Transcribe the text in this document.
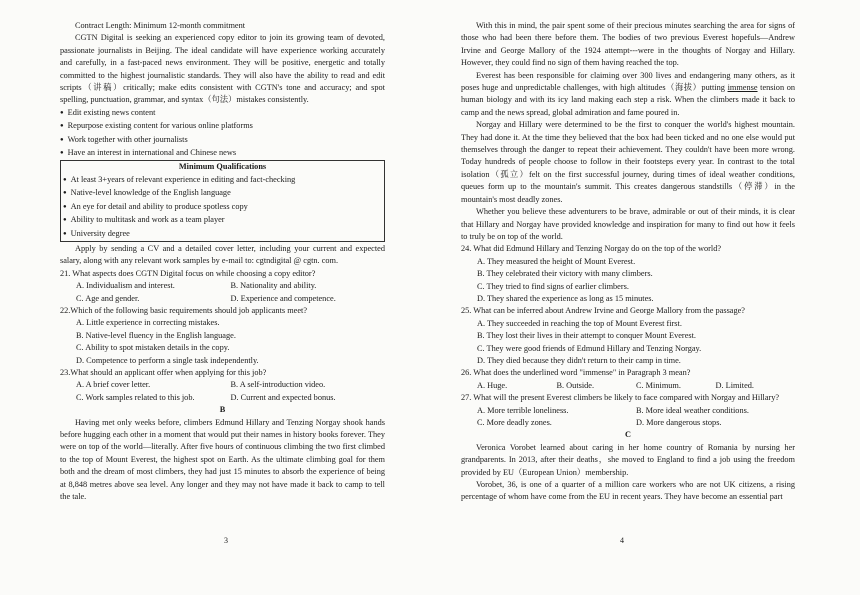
Contract Length: Minimum 12-month commitment

CGTN Digital is seeking an experienced copy editor to join its growing team of devoted, passionate journalists in Beijing. The ideal candidate will have experience working accurately and carefully, in a fast-paced news environment. They will be positive, energetic and totally committed to the highest journalistic standards. They will also have the ability to read and edit scripts（讲稿）critically; make edits consistent with CGTN's tone and accuracy; and spot spelling, punctuation, grammar, and syntax（句法）mistakes consistently.

● Edit existing news content
● Repurpose existing content for various online platforms
● Work together with other journalists
● Have an interest in international and Chinese news
Minimum Qualifications
● At least 3+years of relevant experience in editing and fact-checking
● Native-level knowledge of the English language
● An eye for detail and ability to produce spotless copy
● Ability to multitask and work as a team player
● University degree

Apply by sending a CV and a detailed cover letter, including your current and expected salary, along with any relevant work samples by e-mail to: cgtndigital @ cgtn. com.

21. What aspects does CGTN Digital focus on while choosing a copy editor?
A. Individualism and interest.	B. Nationality and ability.
C. Age and gender.	D. Experience and competence.
22.Which of the following basic requirements should job applicants meet?
A. Little experience in correcting mistakes.
B. Native-level fluency in the English language.
C. Ability to spot mistaken details in the copy.
D. Competence to perform a single task independently.
23.What should an applicant offer when applying for this job?
A. A brief cover letter.	B. A self-introduction video.
C. Work samples related to this job.	D. Current and expected bonus.
B

Having met only weeks before, climbers Edmund Hillary and Tenzing Norgay shook hands before hugging each other in a moment that would put their names in history books forever. They were on top of the world—literally. After five hours of continuous climbing the two first climbed to the top of Mount Everest, the highest spot on Earth. As the ultimate climbing goal for them both and the dream of most climbers, they had just 15 minutes to absorb the experience of being at 8,848 metres above sea level. Any longer and they may not have made it back to camp to tell the tale.

3

With this in mind, the pair spent some of their precious minutes searching the area for signs of those who had been there before them. The bodies of two previous Everest hopefuls—Andrew Irvine and George Mallory of the 1924 attempt---were in the thoughts of Norgay and Hillary. However, they could find no sign of them having reached the top.

Everest has been responsible for claiming over 300 lives and endangering many others, as it poses huge and unpredictable challenges, with high altitudes（海拔）putting immense tension on human biology and with its icy land making each step a risk. When the climbers made it back to camp and the news spread, global admiration and fame poured in.

Norgay and Hillary were determined to be the first to conquer the world's highest mountain. They had done it. At the time they believed that the box had been ticked and no one else would put themselves through the danger to repeat their achievement. They couldn't have been more wrong. Today hundreds of people choose to follow in their footsteps every year. In contrast to the total isolation（孤立）felt on the first successful journey, during times of ideal weather conditions, queues form up to the mountain's summit. This creates dangerous standstills（停滞）in the mountain's most deadly zones.

Whether you believe these adventurers to be brave, admirable or out of their minds, it is clear that Hillary and Norgay have provided knowledge and inspiration for many to find out how it feels to truly be on top of the world.

24. What did Edmund Hillary and Tenzing Norgay do on the top of the world?
A. They measured the height of Mount Everest.
B. They celebrated their victory with many climbers.
C. They tried to find signs of earlier climbers.
D. They shared the experience as long as 15 minutes.
25. What can be inferred about Andrew Irvine and George Mallory from the passage?
A. They succeeded in reaching the top of Mount Everest first.
B. They lost their lives in their attempt to conquer Mount Everest.
C. They were good friends of Edmund Hillary and Tenzing Norgay.
D. They died because they didn't return to their camp in time.
26. What does the underlined word "immense" in Paragraph 3 mean?
A. Huge.	B. Outside.	C. Minimum.	D. Limited.
27. What will the present Everest climbers be likely to face compared with Norgay and Hillary?
A. More terrible loneliness.	B. More ideal weather conditions.
C. More deadly zones.	D. More dangerous stops.
C

Veronica Vorobet learned about caring in her home country of Romania by nursing her grandparents. In 2013, after their deaths，she moved to England to find a job using the freedom provided by EU（European Union）membership.

Vorobet, 36, is one of a quarter of a million care workers who are not UK citizens, a rising percentage of whom have come from the EU in recent years. They have become an essential part

4
